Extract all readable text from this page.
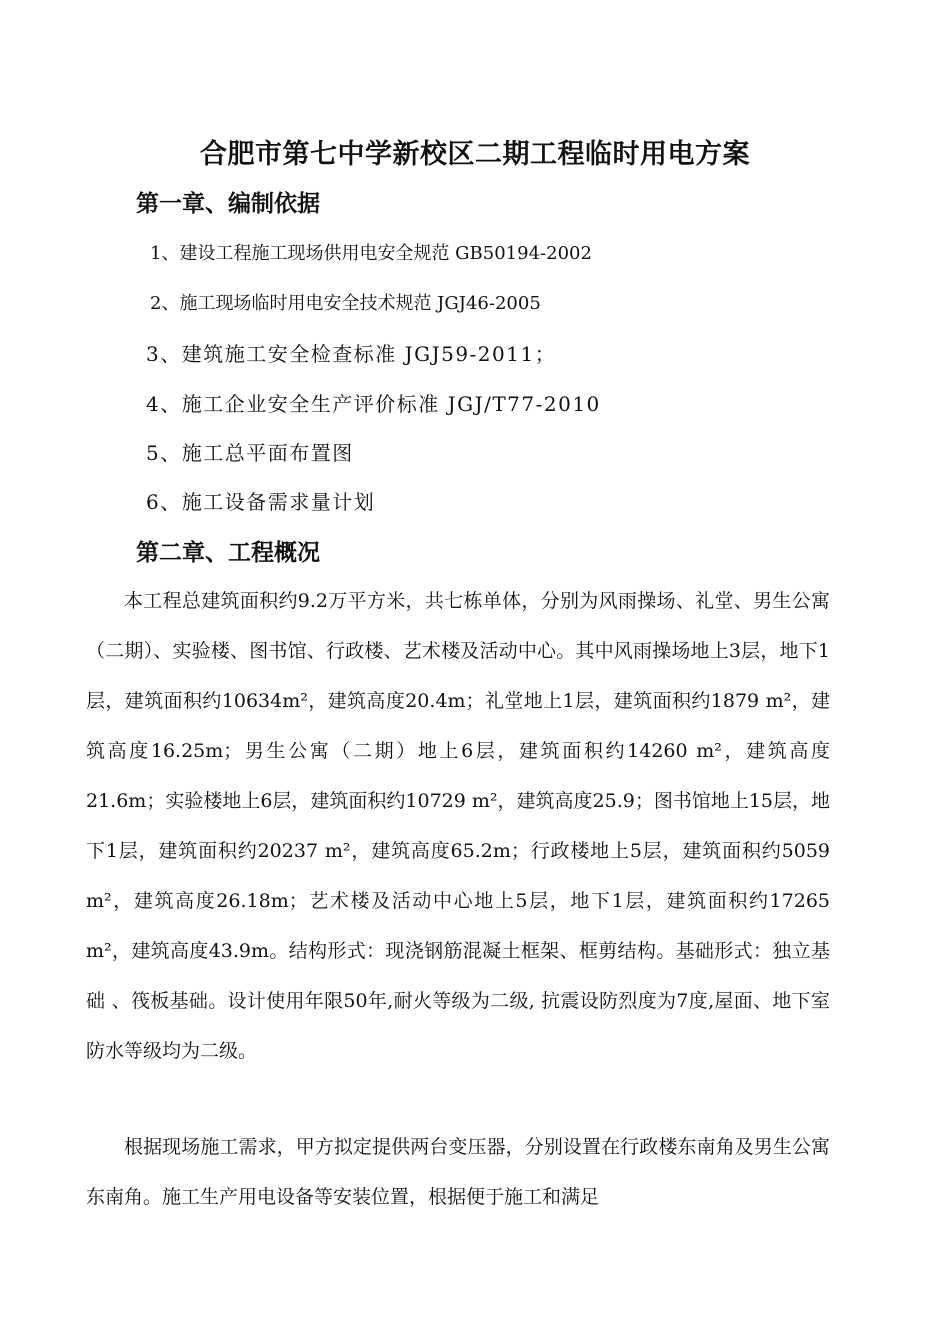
合肥市第七中学新校区二期工程临时用电方案
第一章、编制依据

1、建设工程施工现场供用电安全规范 GB50194-2002

2、施工现场临时用电安全技术规范 JGJ46-2005

3、建筑施工安全检查标准 JGJ59-2011；

4、施工企业安全生产评价标准 JGJ/T77-2010

5、施工总平面布置图

6、施工设备需求量计划

第二章、工程概况

本工程总建筑面积约9.2万平方米，共七栋单体，分别为风雨操场、礼堂、男生公寓（二期）、实验楼、图书馆、行政楼、艺术楼及活动中心。其中风雨操场地上3层，地下1层，建筑面积约10634m²，建筑高度20.4m；礼堂地上1层，建筑面积约1879 m²，建筑高度16.25m；男生公寓（二期）地上6层，建筑面积约14260 m²，建筑高度21.6m；实验楼地上6层，建筑面积约10729 m²，建筑高度25.9；图书馆地上15层，地下1层，建筑面积约20237 m²，建筑高度65.2m；行政楼地上5层，建筑面积约5059 m²，建筑高度26.18m；艺术楼及活动中心地上5层，地下1层，建筑面积约17265 m²，建筑高度43.9m。结构形式：现浇钢筋混凝土框架、框剪结构。基础形式：独立基础 、筏板基础。设计使用年限50年,耐火等级为二级, 抗震设防烈度为7度,屋面、地下室防水等级均为二级。

根据现场施工需求，甲方拟定提供两台变压器，分别设置在行政楼东南角及男生公寓东南角。施工生产用电设备等安装位置，根据便于施工和满足
